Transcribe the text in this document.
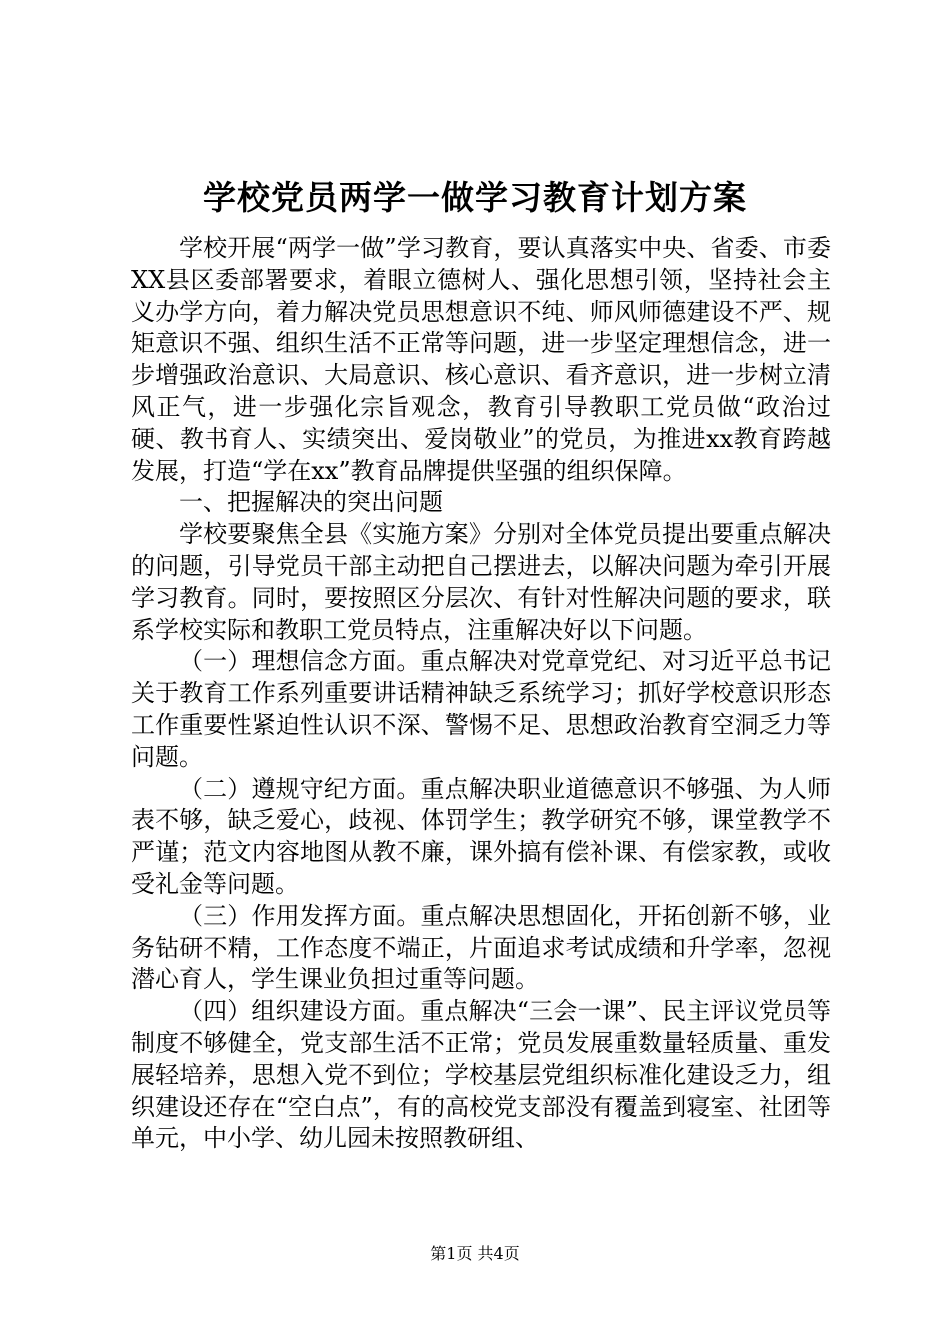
学校党员两学一做学习教育计划方案

学校开展“两学一做”学习教育，要认真落实中央、省委、市委XX县区委部署要求，着眼立德树人、强化思想引领，坚持社会主义办学方向，着力解决党员思想意识不纯、师风师德建设不严、规矩意识不强、组织生活不正常等问题，进一步坚定理想信念，进一步增强政治意识、大局意识、核心意识、看齐意识，进一步树立清风正气，进一步强化宗旨观念，教育引导教职工党员做“政治过硬、教书育人、实绩突出、爱岗敬业”的党员，为推进xx教育跨越发展，打造“学在xx”教育品牌提供坚强的组织保障。

一、把握解决的突出问题

学校要聚焦全县《实施方案》分别对全体党员提出要重点解决的问题，引导党员干部主动把自己摆进去，以解决问题为牵引开展学习教育。同时，要按照区分层次、有针对性解决问题的要求，联系学校实际和教职工党员特点，注重解决好以下问题。

（一）理想信念方面。重点解决对党章党纪、对习近平总书记关于教育工作系列重要讲话精神缺乏系统学习；抓好学校意识形态工作重要性紧迫性认识不深、警惕不足、思想政治教育空洞乏力等问题。

（二）遵规守纪方面。重点解决职业道德意识不够强、为人师表不够，缺乏爱心，歧视、体罚学生；教学研究不够，课堂教学不严谨；范文内容地图从教不廉，课外搞有偿补课、有偿家教，或收受礼金等问题。

（三）作用发挥方面。重点解决思想固化，开拓创新不够，业务钻研不精，工作态度不端正，片面追求考试成绩和升学率，忽视潜心育人，学生课业负担过重等问题。

（四）组织建设方面。重点解决“三会一课”、民主评议党员等制度不够健全，党支部生活不正常；党员发展重数量轻质量、重发展轻培养，思想入党不到位；学校基层党组织标准化建设乏力，组织建设还存在“空白点”，有的高校党支部没有覆盖到寝室、社团等单元，中小学、幼儿园未按照教研组、

第1页 共4页
